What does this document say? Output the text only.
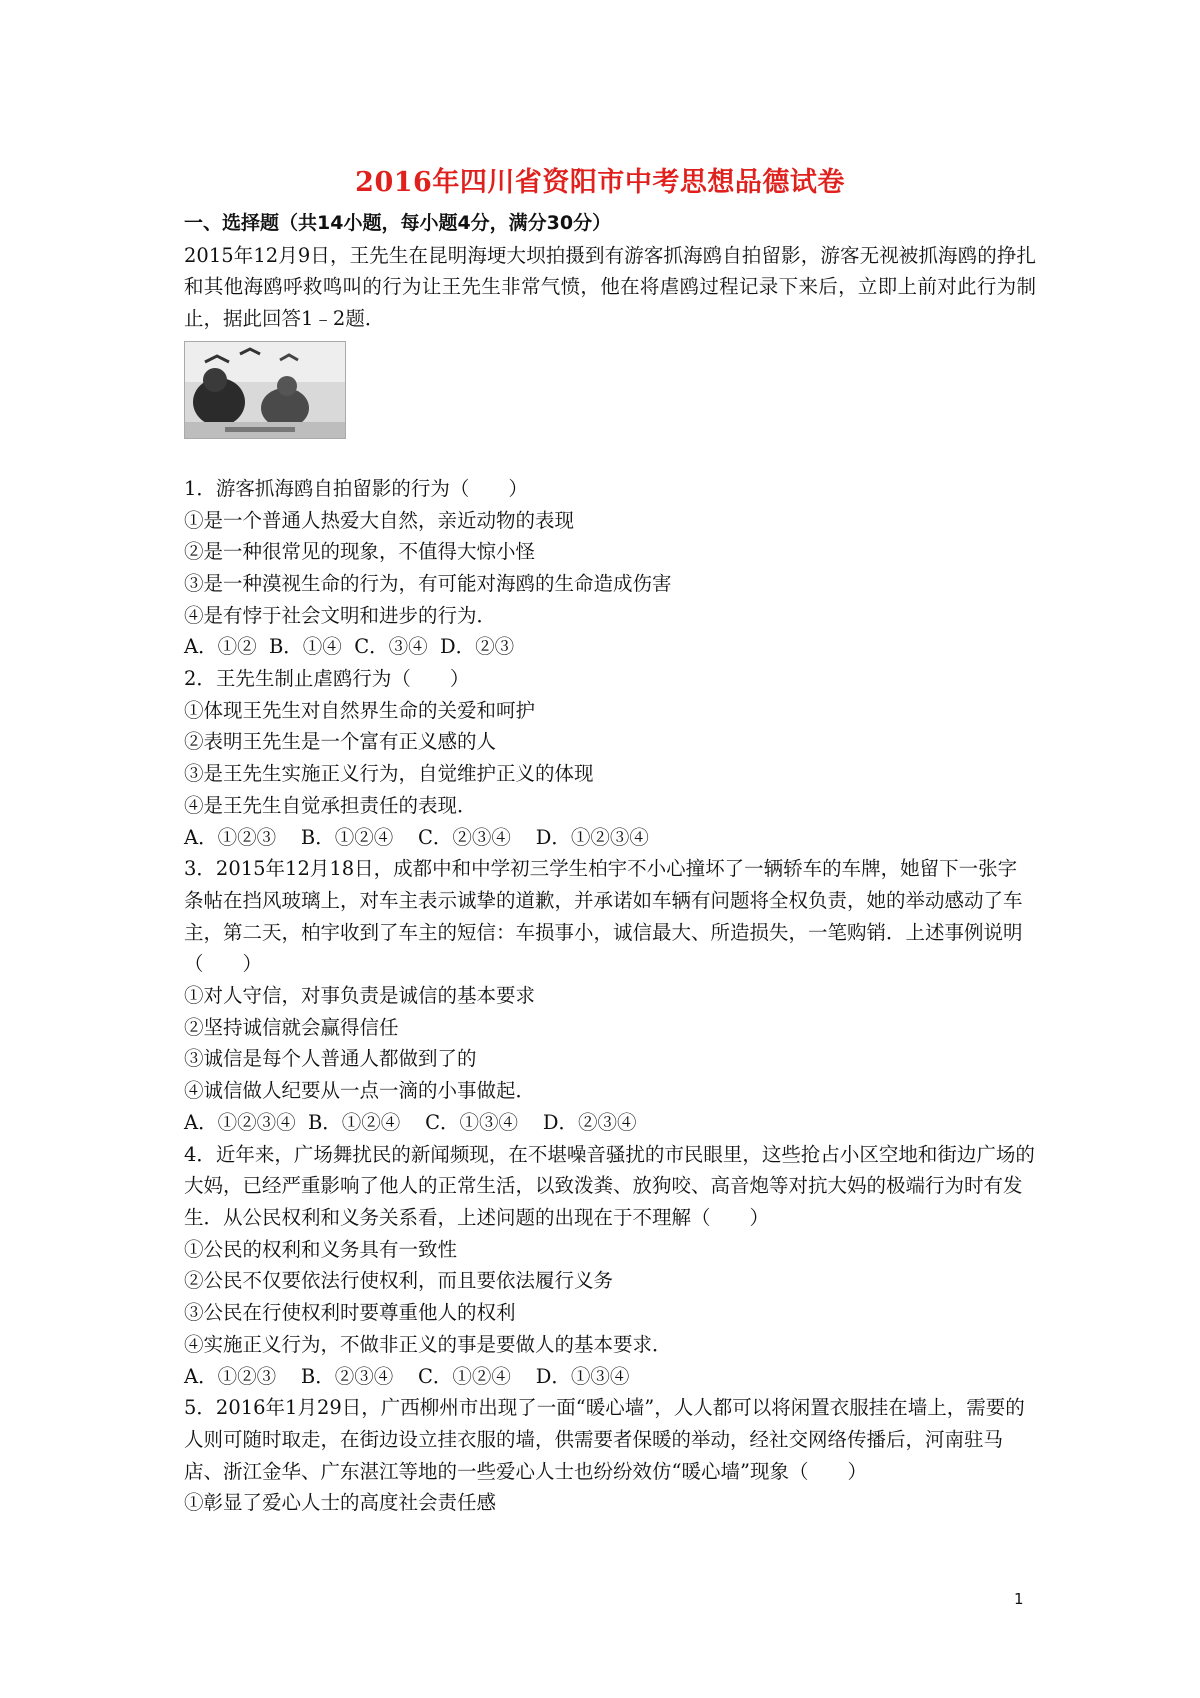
2016年四川省资阳市中考思想品德试卷

一、选择题（共14小题，每小题4分，满分30分）

2015年12月9日，王先生在昆明海埂大坝拍摄到有游客抓海鸥自拍留影，游客无视被抓海鸥的挣扎和其他海鸥呼救鸣叫的行为让王先生非常气愤，他在将虐鸥过程记录下来后，立即上前对此行为制止，据此回答1﹣2题．

1．游客抓海鸥自拍留影的行为（　　）

①是一个普通人热爱大自然，亲近动物的表现

②是一种很常见的现象，不值得大惊小怪

③是一种漠视生命的行为，有可能对海鸥的生命造成伤害

④是有悖于社会文明和进步的行为．

A．①②  B．①④  C．③④  D．②③

2．王先生制止虐鸥行为（　　）

①体现王先生对自然界生命的关爱和呵护

②表明王先生是一个富有正义感的人

③是王先生实施正义行为，自觉维护正义的体现

④是王先生自觉承担责任的表现．

A．①②③    B．①②④    C．②③④    D．①②③④

3．2015年12月18日，成都中和中学初三学生柏宇不小心撞坏了一辆轿车的车牌，她留下一张字条帖在挡风玻璃上，对车主表示诚挚的道歉，并承诺如车辆有问题将全权负责，她的举动感动了车主，第二天，柏宇收到了车主的短信：车损事小，诚信最大、所造损失，一笔购销．上述事例说明（　　）

①对人守信，对事负责是诚信的基本要求

②坚持诚信就会赢得信任

③诚信是每个人普通人都做到了的

④诚信做人纪要从一点一滴的小事做起．

A．①②③④  B．①②④    C．①③④    D．②③④

4．近年来，广场舞扰民的新闻频现，在不堪噪音骚扰的市民眼里，这些抢占小区空地和街边广场的大妈，已经严重影响了他人的正常生活，以致泼粪、放狗咬、高音炮等对抗大妈的极端行为时有发生．从公民权利和义务关系看，上述问题的出现在于不理解（　　）

①公民的权利和义务具有一致性

②公民不仅要依法行使权利，而且要依法履行义务

③公民在行使权利时要尊重他人的权利

④实施正义行为，不做非正义的事是要做人的基本要求．

A．①②③    B．②③④    C．①②④    D．①③④

5．2016年1月29日，广西柳州市出现了一面“暖心墙”，人人都可以将闲置衣服挂在墙上，需要的人则可随时取走，在街边设立挂衣服的墙，供需要者保暖的举动，经社交网络传播后，河南驻马店、浙江金华、广东湛江等地的一些爱心人士也纷纷效仿“暖心墙”现象（　　）

①彰显了爱心人士的高度社会责任感

1
